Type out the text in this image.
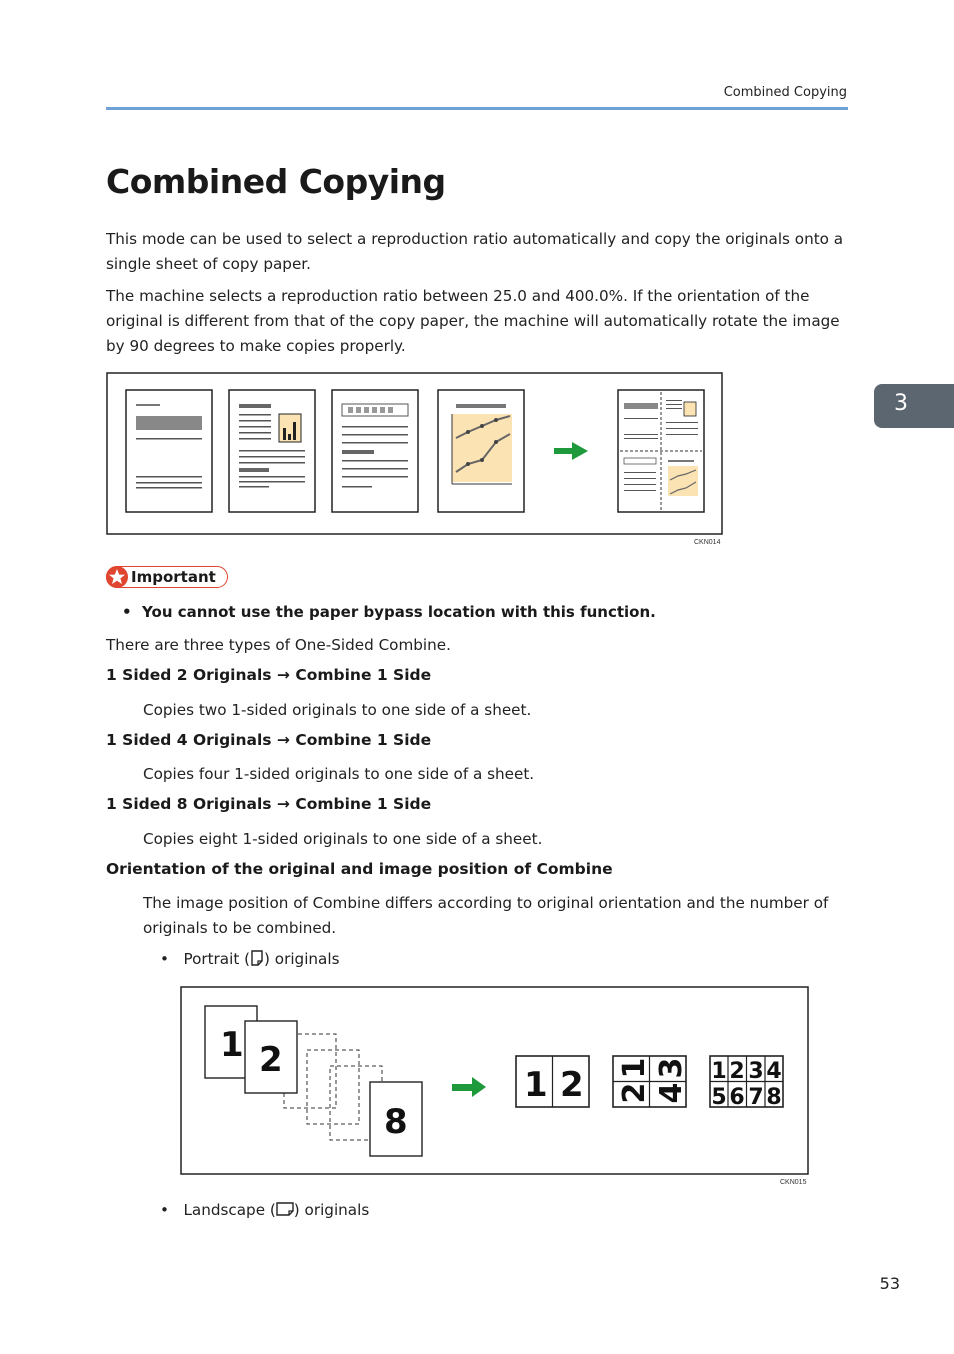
Combined Copying
Combined Copying
This mode can be used to select a reproduction ratio automatically and copy the originals onto a single sheet of copy paper.
The machine selects a reproduction ratio between 25.0 and 400.0%. If the orientation of the original is different from that of the copy paper, the machine will automatically rotate the image by 90 degrees to make copies properly.
3
CKN014
Important
•  You cannot use the paper bypass location with this function.
There are three types of One-Sided Combine.
1 Sided 2 Originals → Combine 1 Side
Copies two 1-sided originals to one side of a sheet.
1 Sided 4 Originals → Combine 1 Side
Copies four 1-sided originals to one side of a sheet.
1 Sided 8 Originals → Combine 1 Side
Copies eight 1-sided originals to one side of a sheet.
Orientation of the original and image position of Combine
The image position of Combine differs according to original orientation and the number of originals to be combined.
•   Portrait ( ) originals
1 2
8
1 2 1
2
3
4
1 2 3 4
5 6 7 8
CKN015
•   Landscape ( ) originals
53
